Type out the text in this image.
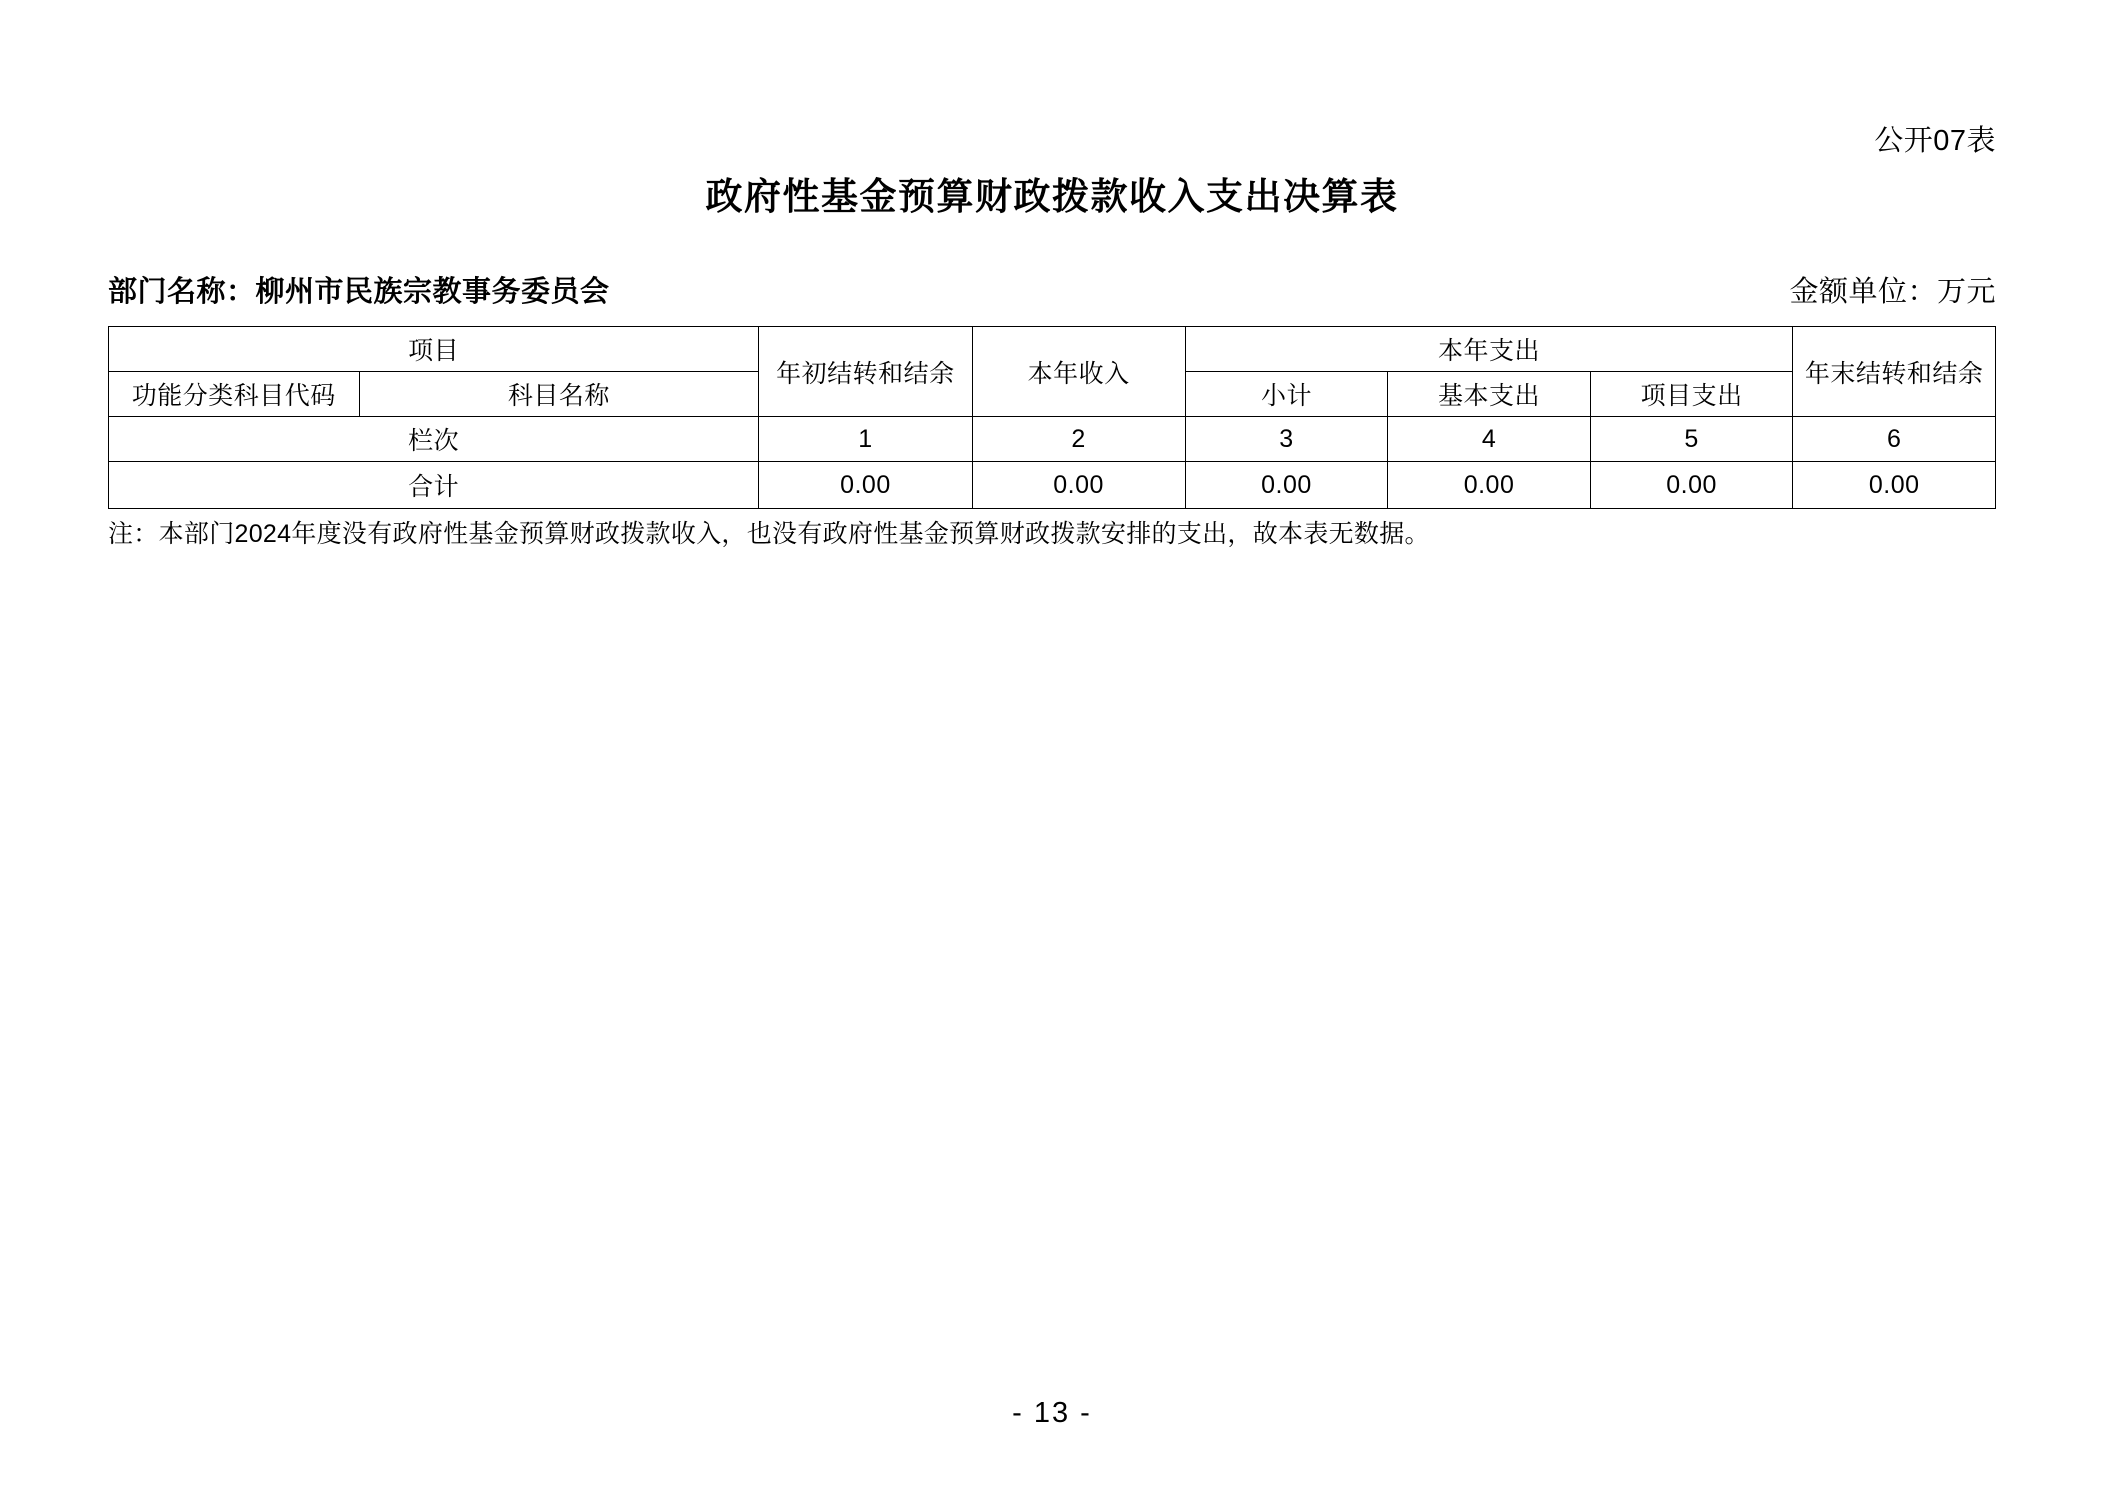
公开07表
政府性基金预算财政拨款收入支出决算表
部门名称：柳州市民族宗教事务委员会	金额单位：万元
项目		年初结转和结余	本年收入	本年支出			年末结转和结余
功能分类科目代码	科目名称			小计	基本支出	项目支出	
栏次		1	2	3	4	5	6
合计		0.00	0.00	0.00	0.00	0.00	0.00
注：本部门2024年度没有政府性基金预算财政拨款收入，也没有政府性基金预算财政拨款安排的支出，故本表无数据。
- 13 -
